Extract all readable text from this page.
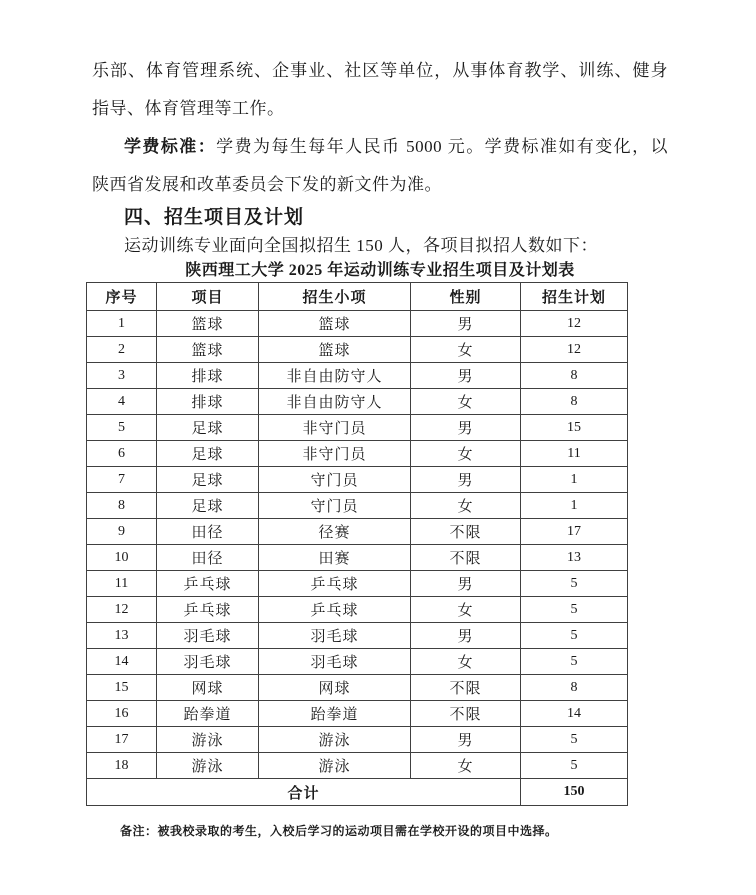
乐部、体育管理系统、企事业、社区等单位，从事体育教学、训练、健身
指导、体育管理等工作。
学费标准：学费为每生每年人民币 5000 元。学费标准如有变化，以
陕西省发展和改革委员会下发的新文件为准。
四、招生项目及计划
运动训练专业面向全国拟招生 150 人，各项目拟招人数如下：
陕西理工大学 2025 年运动训练专业招生项目及计划表
序号	项目	招生小项	性别	招生计划
1	篮球	篮球	男	12
2	篮球	篮球	女	12
3	排球	非自由防守人	男	8
4	排球	非自由防守人	女	8
5	足球	非守门员	男	15
6	足球	非守门员	女	11
7	足球	守门员	男	1
8	足球	守门员	女	1
9	田径	径赛	不限	17
10	田径	田赛	不限	13
11	乒乓球	乒乓球	男	5
12	乒乓球	乒乓球	女	5
13	羽毛球	羽毛球	男	5
14	羽毛球	羽毛球	女	5
15	网球	网球	不限	8
16	跆拳道	跆拳道	不限	14
17	游泳	游泳	男	5
18	游泳	游泳	女	5
合计				150
备注：被我校录取的考生，入校后学习的运动项目需在学校开设的项目中选择。
